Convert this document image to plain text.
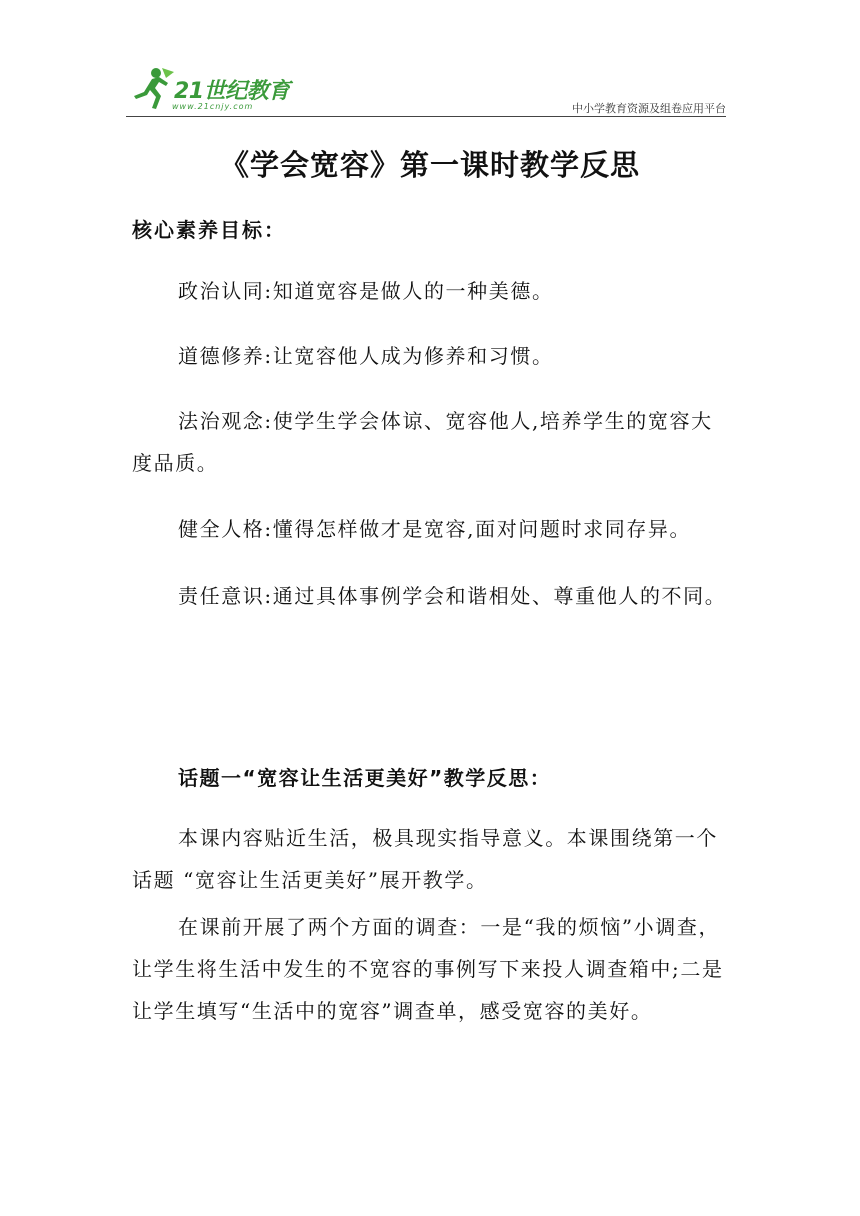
21世纪教育
www.21cnjy.com	中小学教育资源及组卷应用平台
《学会宽容》第一课时教学反思
核心素养目标：
政治认同:知道宽容是做人的一种美德。
道德修养:让宽容他人成为修养和习惯。
法治观念:使学生学会体谅、宽容他人,培养学生的宽容大度品质。
健全人格:懂得怎样做才是宽容,面对问题时求同存异。
责任意识:通过具体事例学会和谐相处、尊重他人的不同。
话题一“宽容让生活更美好”教学反思：
本课内容贴近生活，极具现实指导意义。本课围绕第一个话题 “宽容让生活更美好”展开教学。
在课前开展了两个方面的调查：一是“我的烦恼”小调查，让学生将生活中发生的不宽容的事例写下来投人调查箱中;二是让学生填写“生活中的宽容”调查单，感受宽容的美好。
